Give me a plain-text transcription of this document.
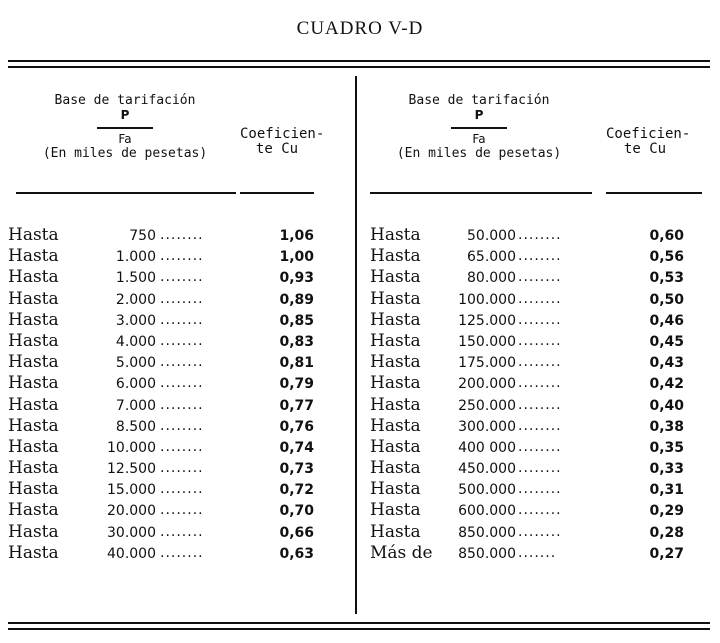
CUADRO V-D
Base de tarifación
P
Fa
(En miles de pesetas)
Coeficien-
te Cu
Hasta	750 ........	1,06
Hasta	1.000 ........	1,00
Hasta	1.500 ........	0,93
Hasta	2.000 ........	0,89
Hasta	3.000 ........	0,85
Hasta	4.000 ........	0,83
Hasta	5.000 ........	0,81
Hasta	6.000 ........	0,79
Hasta	7.000 ........	0,77
Hasta	8.500 ........	0,76
Hasta	10.000 ........	0,74
Hasta	12.500 ........	0,73
Hasta	15.000 ........	0,72
Hasta	20.000 ........	0,70
Hasta	30.000 ........	0,66
Hasta	40.000 ........	0,63
Base de tarifación
P
Fa
(En miles de pesetas)
Coeficien-
te Cu
Hasta	50.000 ........	0,60
Hasta	65.000 ........	0,56
Hasta	80.000 ........	0,53
Hasta	100.000 ........	0,50
Hasta	125.000 ........	0,46
Hasta	150.000 ........	0,45
Hasta	175.000 ........	0,43
Hasta	200.000 ........	0,42
Hasta	250.000 ........	0,40
Hasta	300.000 ........	0,38
Hasta	400 000 ........	0,35
Hasta	450.000 ........	0,33
Hasta	500.000 ........	0,31
Hasta	600.000 ........	0,29
Hasta	850.000 ........	0,28
Más de	850.000 .......	0,27
